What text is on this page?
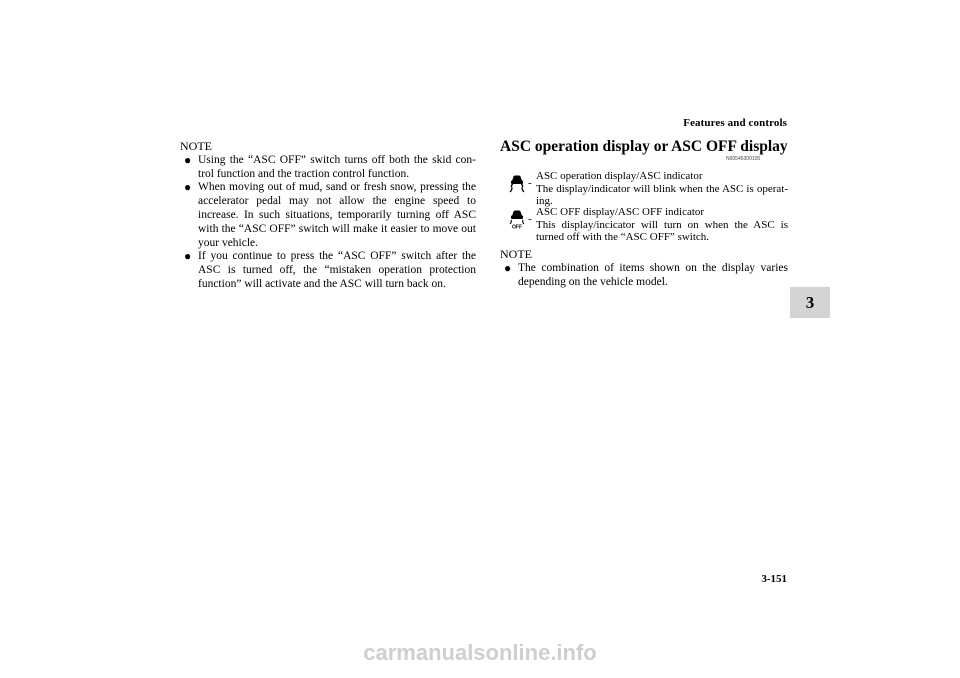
Features and controls
3
NOTE
● Using the “ASC OFF” switch turns off both the skid con-trol function and the traction control function.
● When moving out of mud, sand or fresh snow, pressing the accelerator pedal may not allow the engine speed to increase. In such situations, temporarily turning off ASC with the “ASC OFF” switch will make it easier to move out your vehicle.
● If you continue to press the “ASC OFF” switch after the ASC is turned off, the “mistaken operation protection function” will activate and the ASC will turn back on.
ASC operation display or ASC OFF display
N00546300105
-
ASC operation display/ASC indicator
The display/indicator will blink when the ASC is operat-ing.
OFF
-
ASC OFF display/ASC OFF indicator
This display/incicator will turn on when the ASC is turned off with the “ASC OFF” switch.
NOTE
● The combination of items shown on the display varies depending on the vehicle model.
3-151
carmanualsonline.info
